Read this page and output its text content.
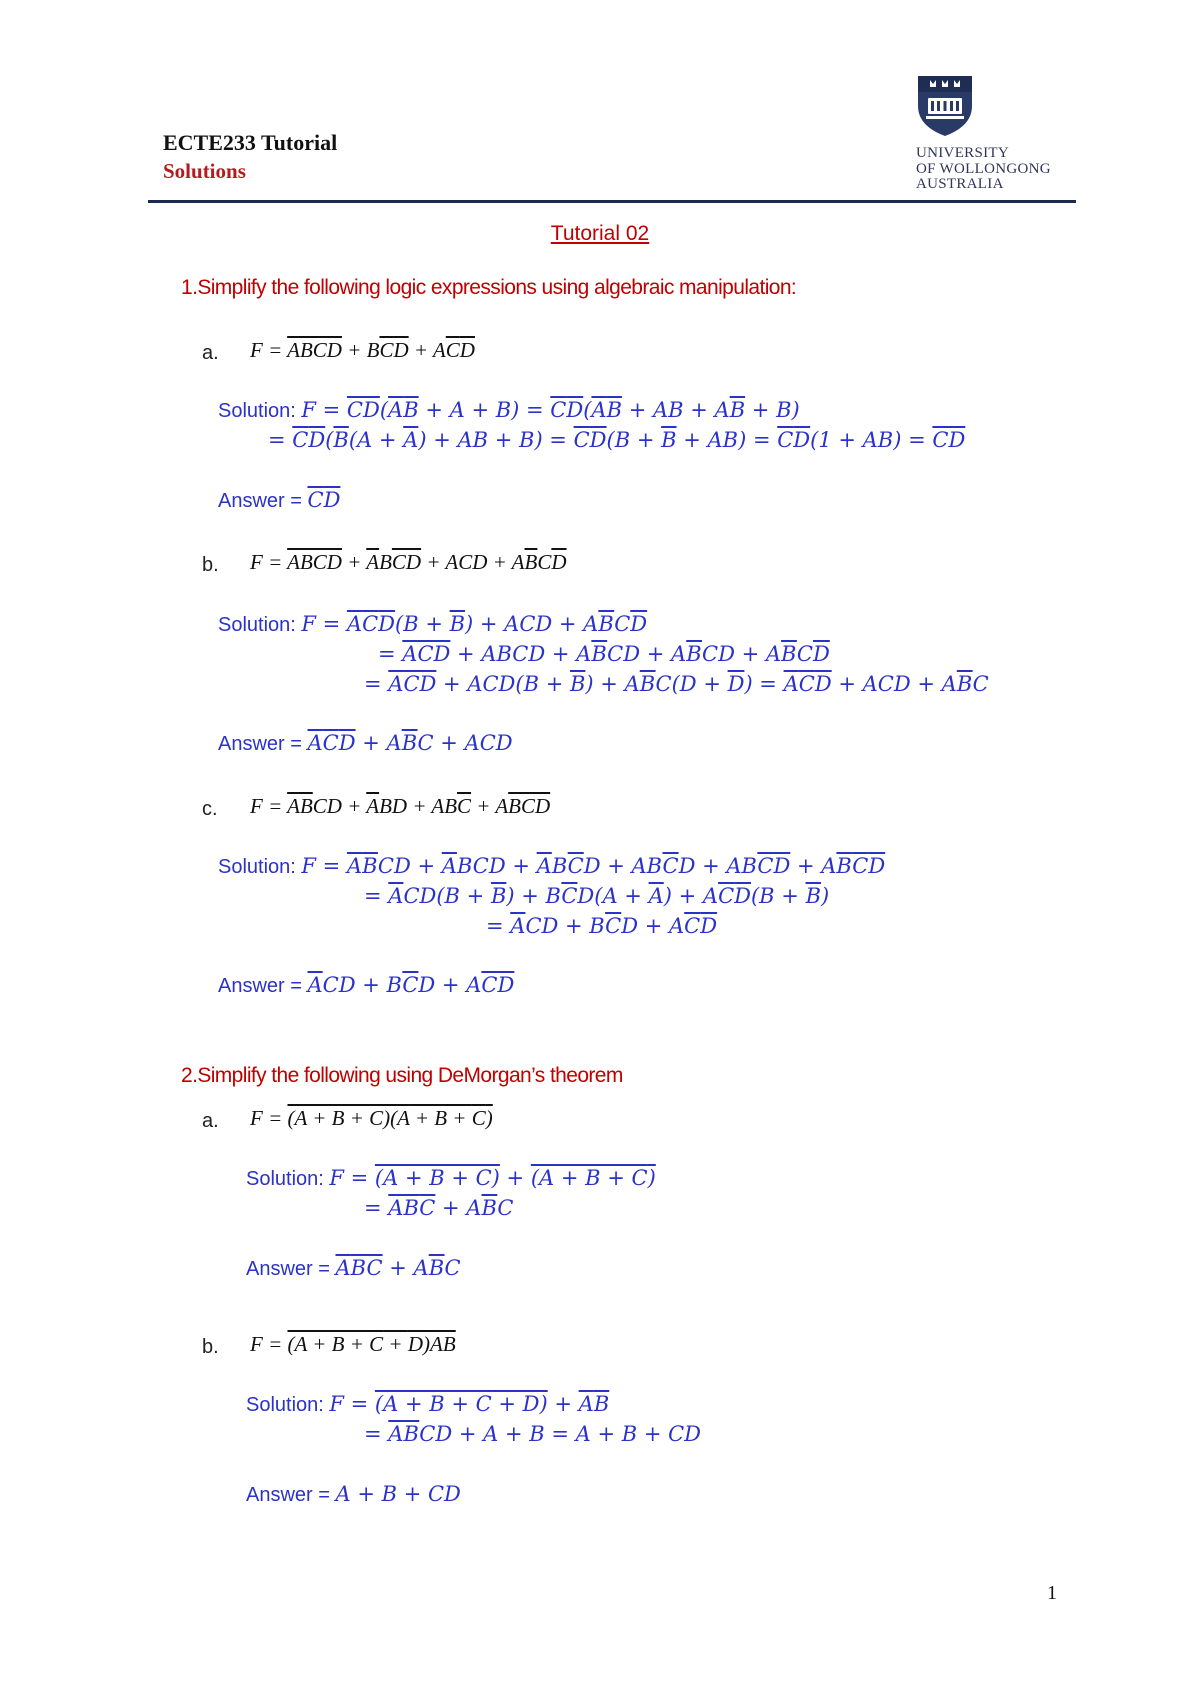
ECTE233 Tutorial
Solutions
UNIVERSITY
OF WOLLONGONG
AUSTRALIA
Tutorial 02
1.Simplify the following logic expressions using algebraic manipulation:
a. F = ABCD + $B\overline{C}\overline{D} + A\overline{C}\overline{D}$
Solution: $F = \overline{C}\overline{D}(\overline{A}\overline{B} + A + B) = \overline{C}\overline{D}(\overline{A}\overline{B}$ + AB + $A\overline{B} + B$)
= $\overline{C}\overline{D}(\overline{B}(A + \overline{A})$ + AB + $B) = \overline{C}\overline{D}(B + \overline{B} + AB) = \overline{C}\overline{D}(1 + AB) = \overline{C}\overline{D}$
Answer = $\overline{C}\overline{D}$
b. F = ABCD + $\overline{A}B\overline{CD}$ + ACD + $A\overline{B}C\overline{D}$
Solution: $F = \overline{A}\overline{C}\overline{D}(B + \overline{B})$ + ACD + $A\overline{B}C\overline{D}$
= $\overline{A}\overline{C}\overline{D}$ + ABCD + $A\overline{B}CD + A\overline{B}CD + A\overline{B}C\overline{D}$
= $\overline{A}\overline{C}\overline{D} + ACD(B + \overline{B}) + A\overline{B}C(D + \overline{D}) = \overline{A}\overline{C}\overline{D}$ + ACD + $A\overline{B}C$
Answer = $\overline{A}\overline{C}\overline{D} + A\overline{B}C$ + ACD
c. $F = \overline{AB}CD + \overline{A}BD + AB\overline{C} + A\overline{BCD}$
Solution: $F = \overline{A}\overline{B}CD + \overline{A}BCD + \overline{A}B\overline{C}D + AB\overline{C}D + AB\overline{C}\overline{D} + A\overline{B}\overline{C}\overline{D}$
= $\overline{A}CD(B + \overline{B}) + B\overline{C}D(A + \overline{A}) + A\overline{C}\overline{D}(B + \overline{B})$
= $\overline{A}CD + B\overline{C}D + A\overline{C}\overline{D}$
Answer = $\overline{A}CD + B\overline{C}D + A\overline{C}\overline{D}$
2.Simplify the following using DeMorgan’s theorem
a. F = (A + B + C)(A + B + C)
Solution: F = (A + B + C) + (A + B + C)
= $\overline{A}\overline{B}\overline{C} + A\overline{B}C$
Answer = $\overline{A}\overline{B}\overline{C} + A\overline{B}C$
b. F = (A + B + C + D)AB
Solution: $F = (A + B + C + D) + \overline{A}\overline{B}$
= $\overline{A}\overline{B}CD + A + B = A + B$ + CD
Answer = A + B + CD
1
